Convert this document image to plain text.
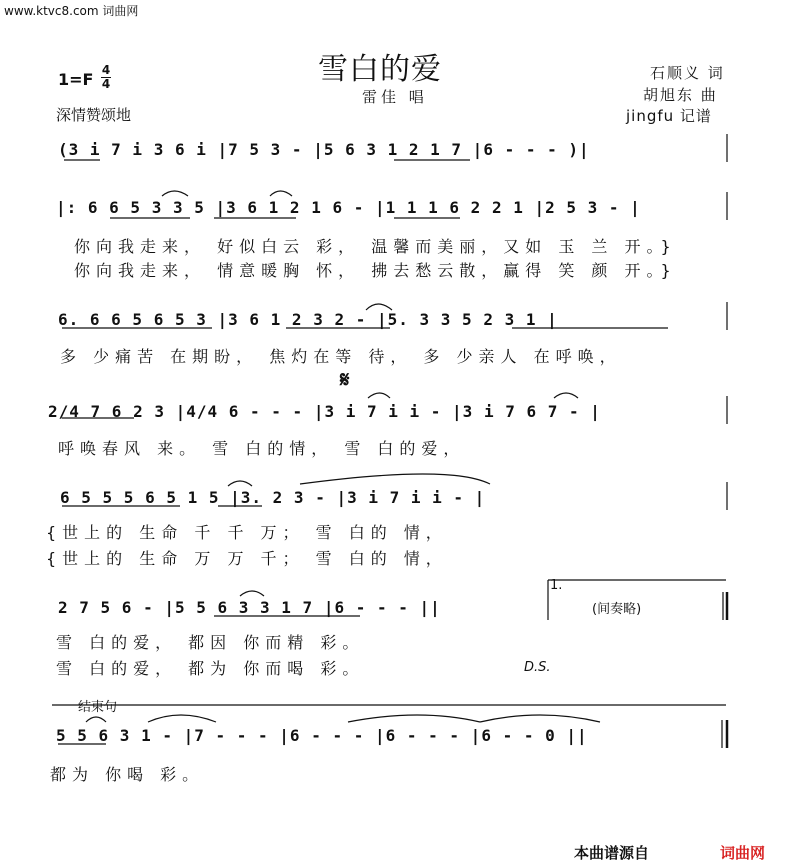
www.ktvc8.com 词曲网
雪白的爱
雷佳 唱
1=F 4
4
深情赞颂地
石顺义 词
胡旭东 曲
jingfu 记谱
(3 i 7 i 3 6 i |7 5 3 - |5 6 3 1 2 1 7 |6 - - - )|
|: 6 6 5 3 3 5 |3 6 1 2 1 6 - |1 1 1 6 2 2 1 |2 5 3 - |
你向我走来， 好似白云 彩， 温馨而美丽，又如 玉 兰 开。}
你向我走来， 情意暖胸 怀， 拂去愁云散，赢得 笑 颜 开。}
6. 6 6 5 6 5 3 |3 6 1 2 3 2 - |5. 3 3 5 2 3 1 |
多 少痛苦 在期盼， 焦灼在等 待， 多 少亲人 在呼唤，
𝄋
2/4 7 6 2 3 |4/4 6 - - - |3 i 7 i i - |3 i 7 6 7 - |
呼唤春风 来。 雪 白的情， 雪 白的爱，
6 5 5 5 6 5 1 5 |3. 2 3 - |3 i 7 i i - |
{世上的 生命 千 千 万； 雪 白的 情，
{世上的 生命 万 万 千； 雪 白的 情，
1.
2 7 5 6 - |5 5 6 3 3 1 7 |6 - - - ||	(间奏略)
雪 白的爱， 都因 你而精 彩。
雪 白的爱， 都为 你而喝 彩。	D.S.
结束句
5 5 6 3 1 - |7 - - - |6 - - - |6 - - - |6 - - 0 ||
都为 你喝 彩。
本曲谱源自	词曲网
